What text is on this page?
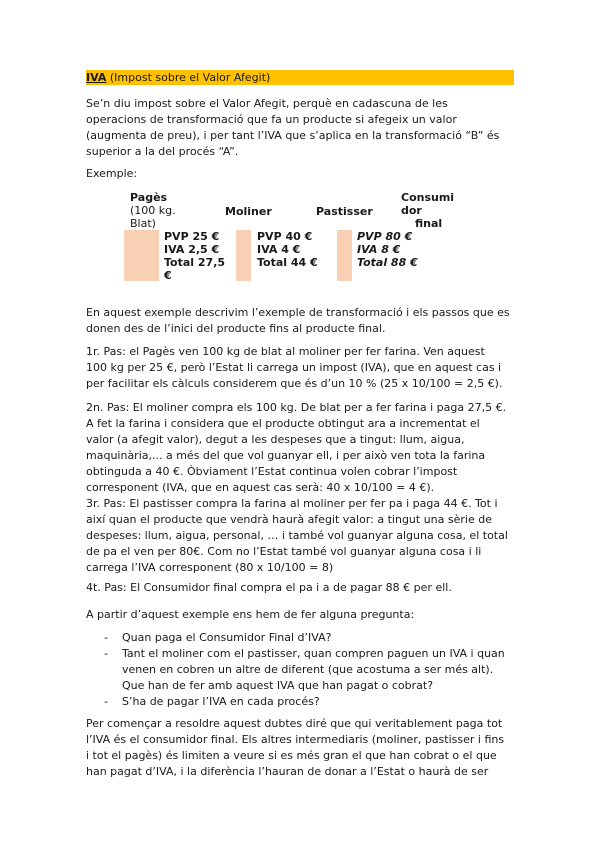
IVA (Impost sobre el Valor Afegit)

Se’n diu impost sobre el Valor Afegit, perquè en cadascuna de les
operacions de transformació que fa un producte si afegeix un valor
(augmenta de preu), i per tant l’IVA que s’aplica en la transformació “B” és
superior a la del procés “A”.

Exemple:

Pagès
(100 kg.
Blat)
Moliner	Pastisser
Consumi
dor
final
PVP 25 €
IVA 2,5 €
Total 27,5
€
PVP 40 €
IVA 4 €
Total 44 €
PVP 80 €
IVA 8 €
Total 88 €

En aquest exemple descrivim l’exemple de transformació i els passos que es
donen des de l’inici del producte fins al producte final.

1r. Pas: el Pagès ven 100 kg de blat al moliner per fer farina. Ven aquest
100 kg per 25 €, però l’Estat li carrega un impost (IVA), que en aquest cas i
per facilitar els càlculs considerem que és d’un 10 % (25 x 10/100 = 2,5 €).

2n. Pas: El moliner compra els 100 kg. De blat per a fer farina i paga 27,5 €.
A fet la farina i considera que el producte obtingut ara a incrementat el
valor (a afegit valor), degut a les despeses que a tingut: llum, aigua,
maquinària,... a més del que vol guanyar ell, i per això ven tota la farina
obtinguda a 40 €. Òbviament l’Estat continua volen cobrar l’impost
corresponent (IVA, que en aquest cas serà: 40 x 10/100 = 4 €).

3r. Pas: El pastisser compra la farina al moliner per fer pa i paga 44 €. Tot i
així quan el producte que vendrà haurà afegit valor: a tingut una sèrie de
despeses: llum, aigua, personal, … i també vol guanyar alguna cosa, el total
de pa el ven per 80€. Com no l’Estat també vol guanyar alguna cosa i li
carrega l’IVA corresponent (80 x 10/100 = 8)

4t. Pas: El Consumidor final compra el pa i a de pagar 88 € per ell.

A partir d’aquest exemple ens hem de fer alguna pregunta:

- Quan paga el Consumidor Final d’IVA?
- Tant el moliner com el pastisser, quan compren paguen un IVA i quan
venen en cobren un altre de diferent (que acostuma a ser més alt).
Que han de fer amb aquest IVA que han pagat o cobrat?
- S’ha de pagar l’IVA en cada procés?

Per començar a resoldre aquest dubtes diré que qui veritablement paga tot
l’IVA és el consumidor final. Els altres intermediaris (moliner, pastisser i fins
i tot el pagès) és limiten a veure si es més gran el que han cobrat o el que
han pagat d’IVA, i la diferència l’hauran de donar a l’Estat o haurà de ser
